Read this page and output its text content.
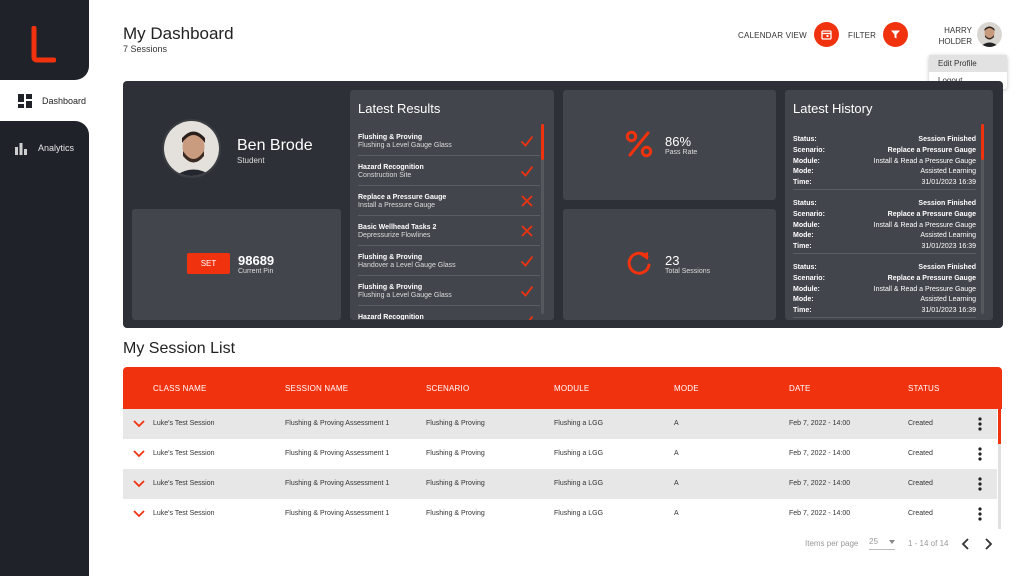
Dashboard
Analytics
My Dashboard
7 Sessions
CALENDAR VIEW	FILTER
HARRY
HOLDER
Edit Profile
Ben Brode
Student
SET	98689
Current Pin
Latest Results
Flushing & Proving
Flushing a Level Gauge Glass
Hazard Recognition
Construction Site
Replace a Pressure Gauge
Install a Pressure Gauge
Basic Wellhead Tasks 2
Depressurize Flowlines
Flushing & Proving
Handover a Level Gauge Glass
Flushing & Proving
Flushing a Level Gauge Glass
Hazard Recognition
86%
Pass Rate
23
Total Sessions
Latest History
Status:	Session Finished
Scenario:	Replace a Pressure Gauge
Module:	Install & Read a Pressure Gauge
Mode:	Assisted Learning
Time:	31/01/2023 16:39
Status:	Session Finished
Scenario:	Replace a Pressure Gauge
Module:	Install & Read a Pressure Gauge
Mode:	Assisted Learning
Time:	31/01/2023 16:39
Status:	Session Finished
Scenario:	Replace a Pressure Gauge
Module:	Install & Read a Pressure Gauge
Mode:	Assisted Learning
Time:	31/01/2023 16:39
My Session List
CLASS NAME	SESSION NAME	SCENARIO	MODULE	MODE	DATE	STATUS
Luke's Test Session	Flushing & Proving Assessment 1	Flushing & Proving	Flushing a LGG	A	Feb 7, 2022 - 14:00	Created
Luke's Test Session	Flushing & Proving Assessment 1	Flushing & Proving	Flushing a LGG	A	Feb 7, 2022 - 14:00	Created
Luke's Test Session	Flushing & Proving Assessment 1	Flushing & Proving	Flushing a LGG	A	Feb 7, 2022 - 14:00	Created
Luke's Test Session	Flushing & Proving Assessment 1	Flushing & Proving	Flushing a LGG	A	Feb 7, 2022 - 14:00	Created
Items per page 25	1 - 14 of 14
